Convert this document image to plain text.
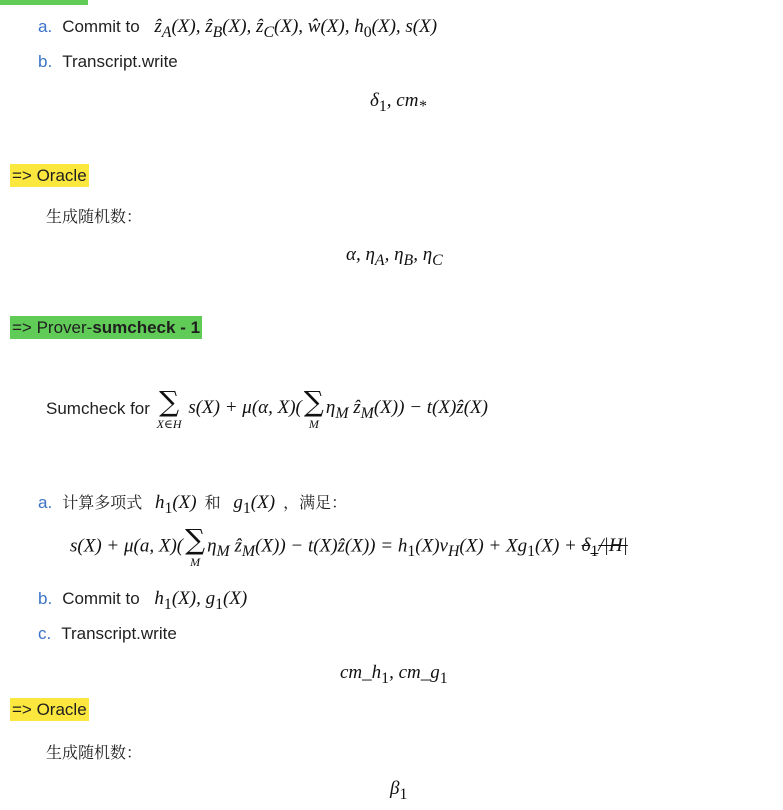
a. Commit to ẑ$_A$(X), ẑ$_B$(X), ẑ$_C$(X), ŵ(X), $h_0(X)$, s(X)
b. Transcript.write
$\delta_1$, $cm_*$
=> Oracle
生成随机数：
α, $\eta_A$, $\eta_B$, $\eta_C$
=> Prover-sumcheck - 1
Sumcheck for ∑
X∈H
s(X) + μ(α, X)( ∑
M
$\eta_M$ ẑ$_M$(X)) − t(X)ẑ(X)
a. 计算多项式 $h_1(X)$ 和 $g_1(X)$ ，满足：
s(X) + μ(a, X)( ∑
M
$\eta_M$ ẑ$_M$(X)) − t(X)ẑ(X)) = $h_1(X)v_H(X) + Xg_1(X) + \delta_1/|H|$
b. Commit to $h_1(X)$, $g_1(X)$
c. Transcript.write
$cm\_h_1$, $cm\_g_1$
=> Oracle
生成随机数：
$\beta_1$
